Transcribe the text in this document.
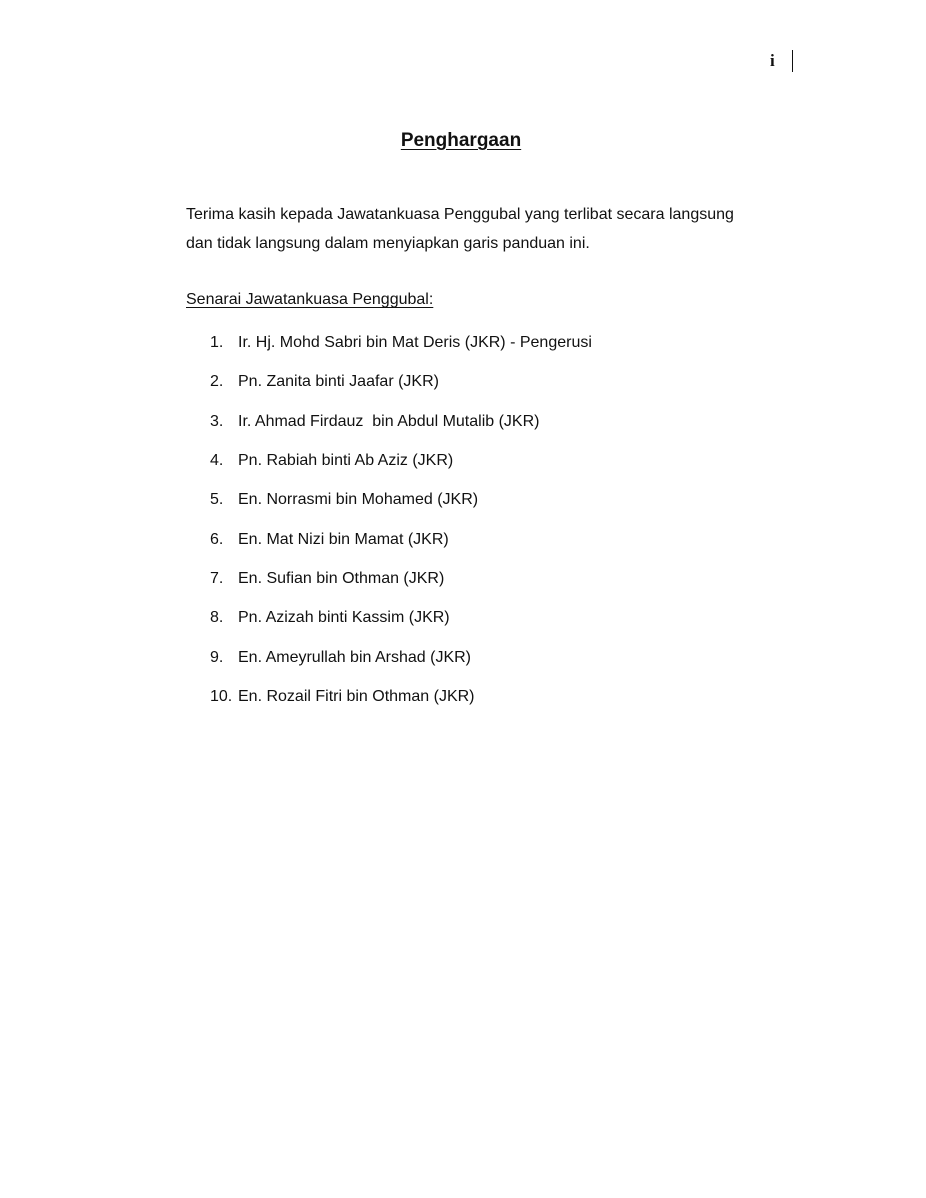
i
Penghargaan

Terima kasih kepada Jawatankuasa Penggubal yang terlibat secara langsung

dan tidak langsung dalam menyiapkan garis panduan ini.

Senarai Jawatankuasa Penggubal:
1. Ir. Hj. Mohd Sabri bin Mat Deris (JKR) - Pengerusi
2. Pn. Zanita binti Jaafar (JKR)
3. Ir. Ahmad Firdauz  bin Abdul Mutalib (JKR)
4. Pn. Rabiah binti Ab Aziz (JKR)
5. En. Norrasmi bin Mohamed (JKR)
6. En. Mat Nizi bin Mamat (JKR)
7. En. Sufian bin Othman (JKR)
8. Pn. Azizah binti Kassim (JKR)
9. En. Ameyrullah bin Arshad (JKR)
10. En. Rozail Fitri bin Othman (JKR)
